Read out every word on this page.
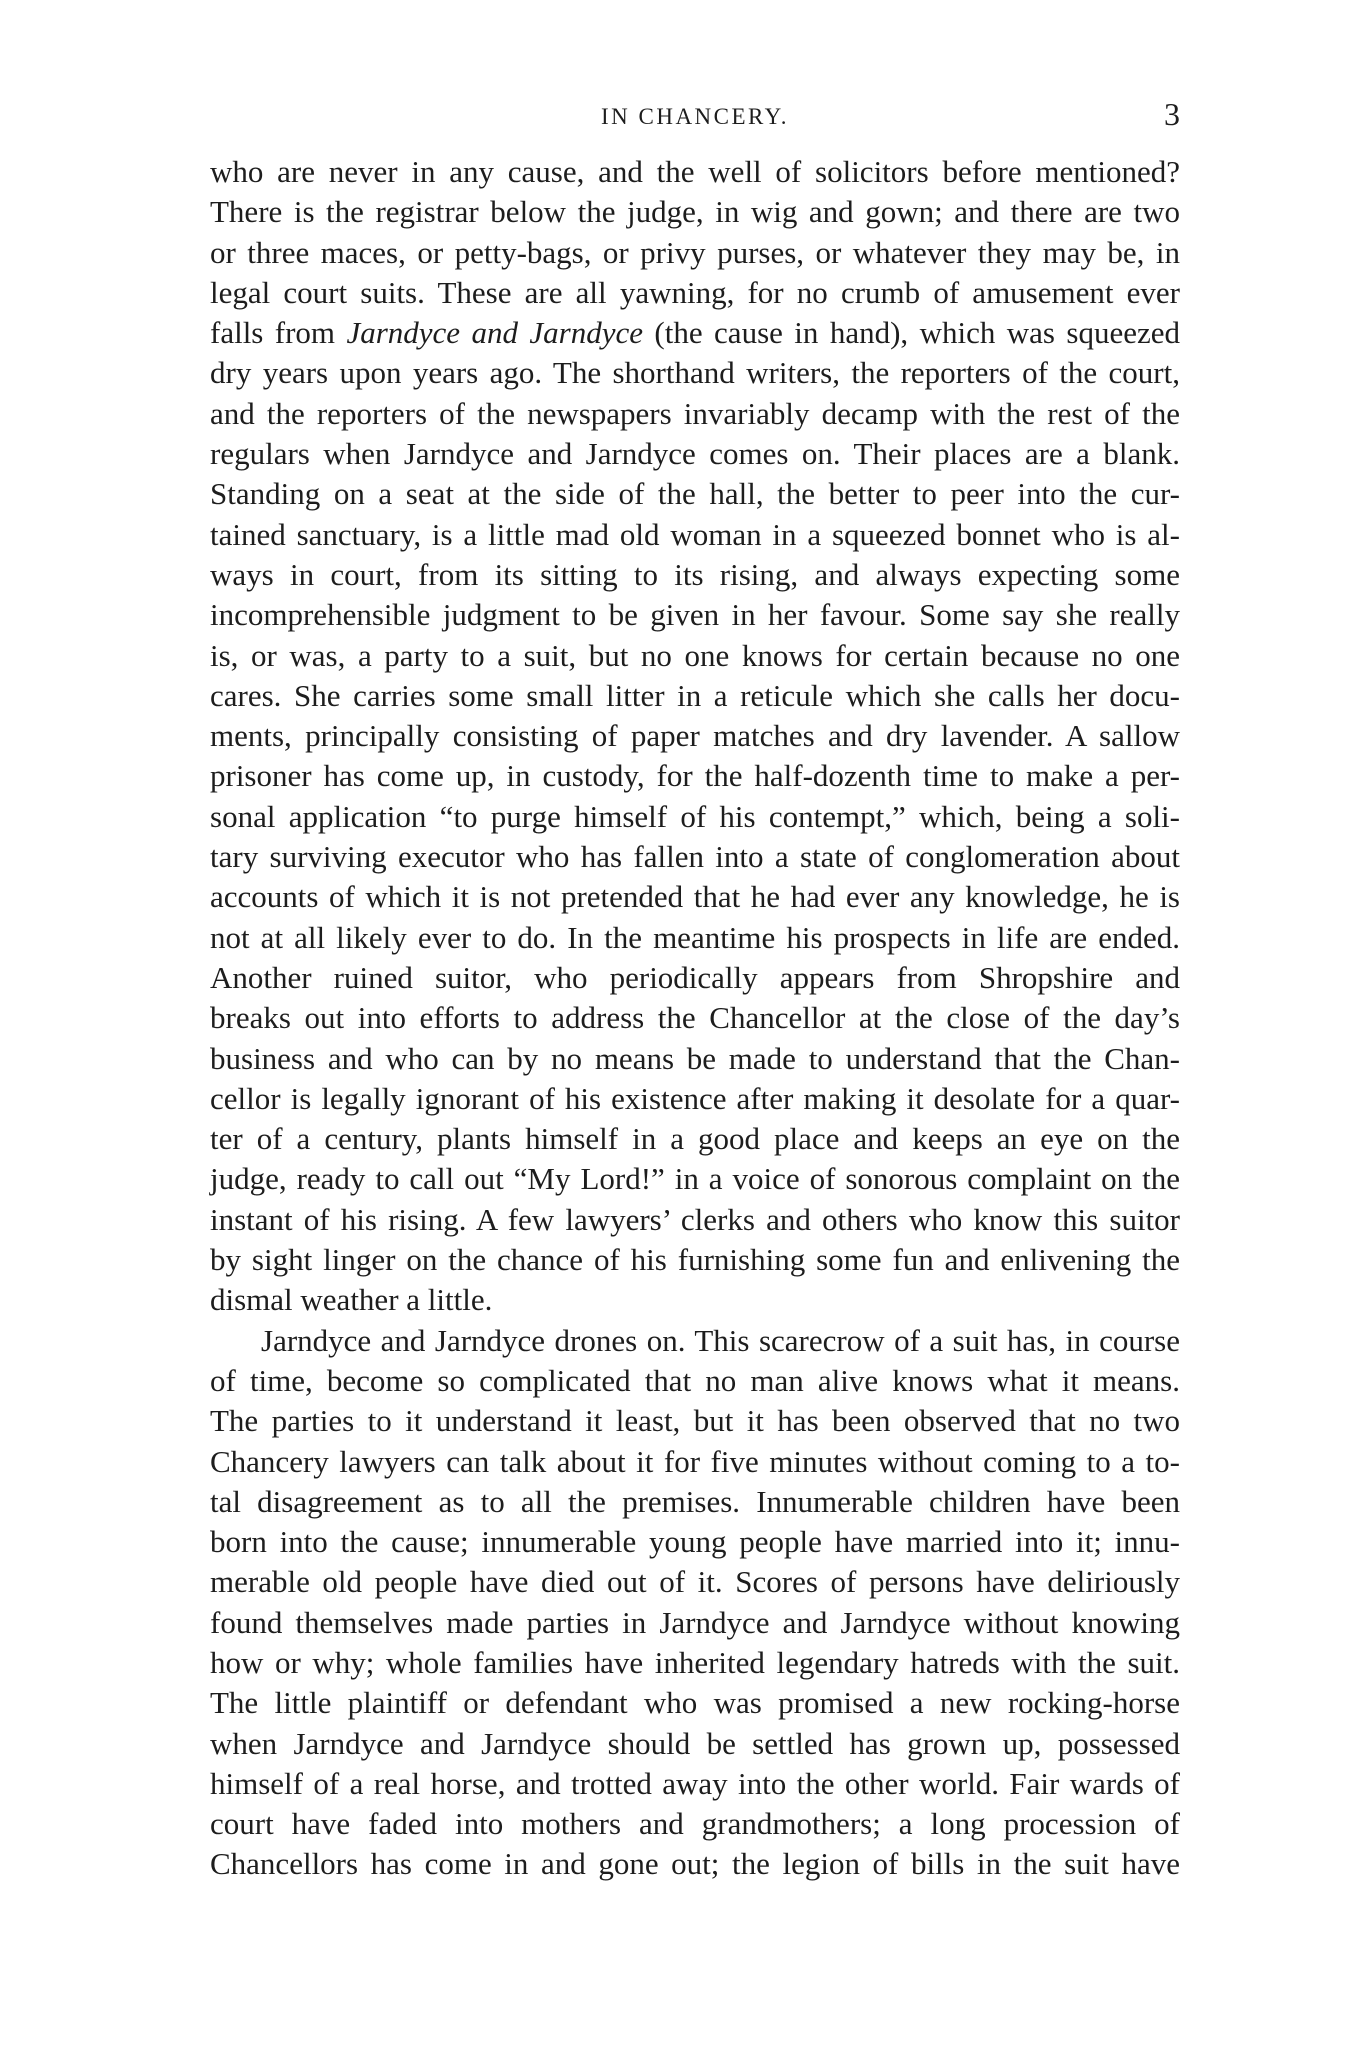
IN CHANCERY.	3
who are never in any cause, and the well of solicitors before mentioned?
There is the registrar below the judge, in wig and gown; and there are two
or three maces, or petty-bags, or privy purses, or whatever they may be, in
legal court suits. These are all yawning, for no crumb of amusement ever
falls from Jarndyce and Jarndyce (the cause in hand), which was squeezed
dry years upon years ago. The shorthand writers, the reporters of the court,
and the reporters of the newspapers invariably decamp with the rest of the
regulars when Jarndyce and Jarndyce comes on. Their places are a blank.
Standing on a seat at the side of the hall, the better to peer into the cur-
tained sanctuary, is a little mad old woman in a squeezed bonnet who is al-
ways in court, from its sitting to its rising, and always expecting some
incomprehensible judgment to be given in her favour. Some say she really
is, or was, a party to a suit, but no one knows for certain because no one
cares. She carries some small litter in a reticule which she calls her docu-
ments, principally consisting of paper matches and dry lavender. A sallow
prisoner has come up, in custody, for the half-dozenth time to make a per-
sonal application “to purge himself of his contempt,” which, being a soli-
tary surviving executor who has fallen into a state of conglomeration about
accounts of which it is not pretended that he had ever any knowledge, he is
not at all likely ever to do. In the meantime his prospects in life are ended.
Another ruined suitor, who periodically appears from Shropshire and
breaks out into efforts to address the Chancellor at the close of the day’s
business and who can by no means be made to understand that the Chan-
cellor is legally ignorant of his existence after making it desolate for a quar-
ter of a century, plants himself in a good place and keeps an eye on the
judge, ready to call out “My Lord!” in a voice of sonorous complaint on the
instant of his rising. A few lawyers’ clerks and others who know this suitor
by sight linger on the chance of his furnishing some fun and enlivening the
dismal weather a little.
Jarndyce and Jarndyce drones on. This scarecrow of a suit has, in course
of time, become so complicated that no man alive knows what it means.
The parties to it understand it least, but it has been observed that no two
Chancery lawyers can talk about it for five minutes without coming to a to-
tal disagreement as to all the premises. Innumerable children have been
born into the cause; innumerable young people have married into it; innu-
merable old people have died out of it. Scores of persons have deliriously
found themselves made parties in Jarndyce and Jarndyce without knowing
how or why; whole families have inherited legendary hatreds with the suit.
The little plaintiff or defendant who was promised a new rocking-horse
when Jarndyce and Jarndyce should be settled has grown up, possessed
himself of a real horse, and trotted away into the other world. Fair wards of
court have faded into mothers and grandmothers; a long procession of
Chancellors has come in and gone out; the legion of bills in the suit have
